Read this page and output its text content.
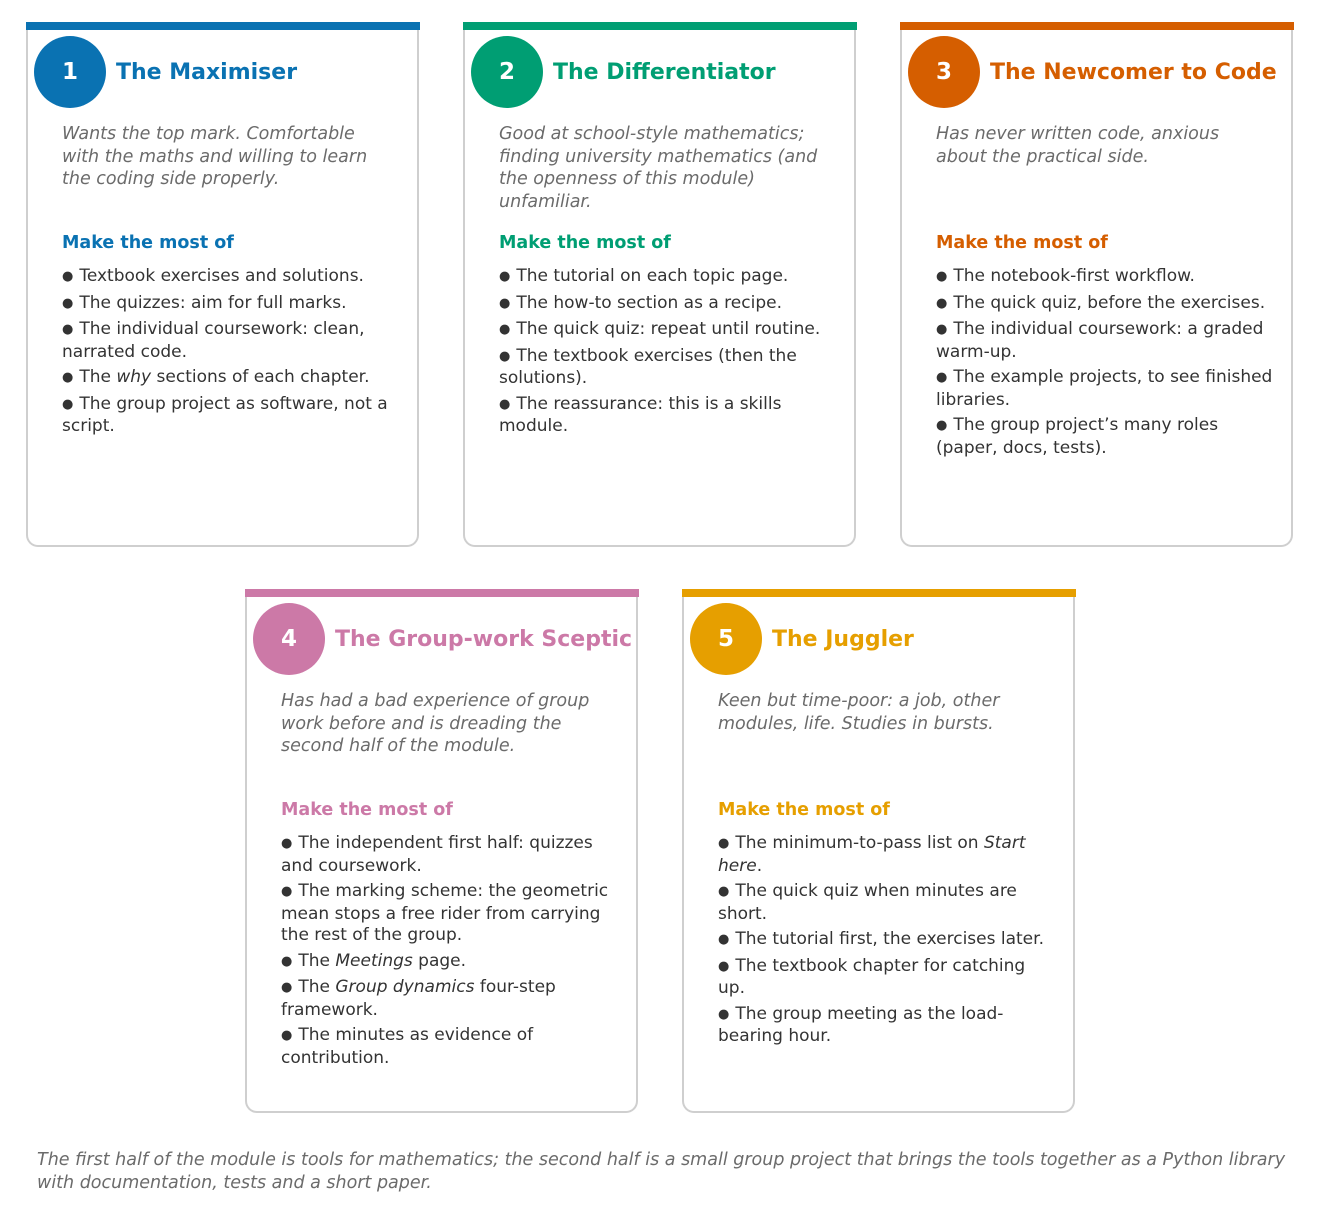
1	The Maximiser
Wants the top mark. Comfortable with the maths and willing to learn the coding side properly.
Make the most of
● Textbook exercises and solutions.
● The quizzes: aim for full marks.
● The individual coursework: clean, narrated code.
● The why sections of each chapter.
● The group project as software, not a script.
2	The Differentiator
Good at school-style mathematics; finding university mathematics (and the openness of this module) unfamiliar.
Make the most of
● The tutorial on each topic page.
● The how-to section as a recipe.
● The quick quiz: repeat until routine.
● The textbook exercises (then the solutions).
● The reassurance: this is a skills module.
3	The Newcomer to Code
Has never written code, anxious about the practical side.
Make the most of
● The notebook-first workflow.
● The quick quiz, before the exercises.
● The individual coursework: a graded warm-up.
● The example projects, to see finished libraries.
● The group project’s many roles (paper, docs, tests).
4	The Group-work Sceptic
Has had a bad experience of group work before and is dreading the second half of the module.
Make the most of
● The independent first half: quizzes and coursework.
● The marking scheme: the geometric mean stops a free rider from carrying the rest of the group.
● The Meetings page.
● The Group dynamics four-step framework.
● The minutes as evidence of contribution.
5	The Juggler
Keen but time-poor: a job, other modules, life. Studies in bursts.
Make the most of
● The minimum-to-pass list on Start here.
● The quick quiz when minutes are short.
● The tutorial first, the exercises later.
● The textbook chapter for catching up.
● The group meeting as the load-bearing hour.
The first half of the module is tools for mathematics; the second half is a small group project that brings the tools together as a Python library with documentation, tests and a short paper.
